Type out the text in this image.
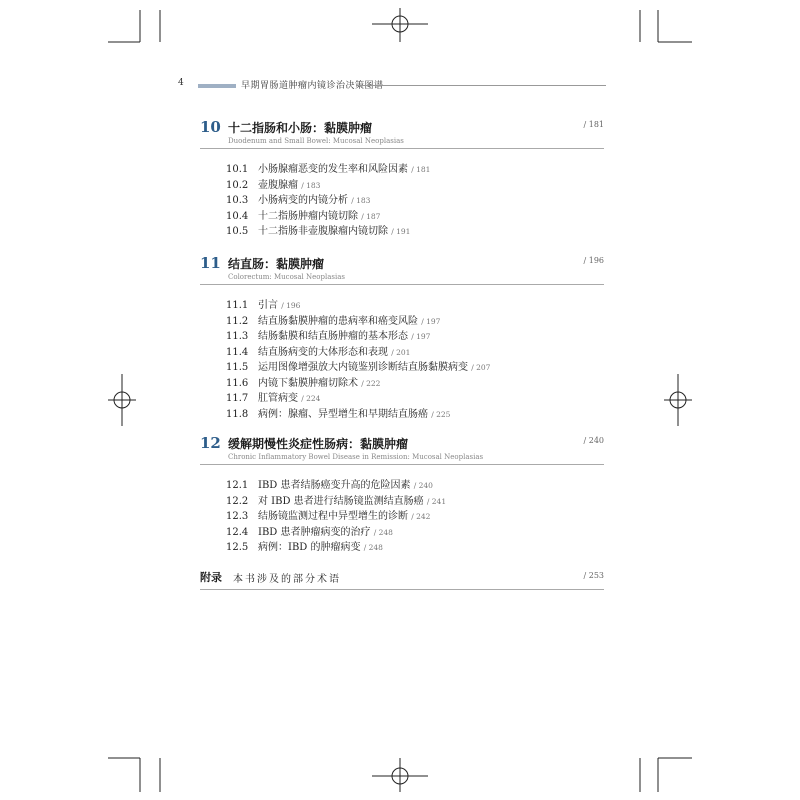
4	早期胃肠道肿瘤内镜诊治决策图谱
10 十二指肠和小肠：黏膜肿瘤
Duodenum and Small Bowel: Mucosal Neoplasias
/ 181
10.1 小肠腺瘤恶变的发生率和风险因素 / 181
10.2 壶腹腺瘤 / 183
10.3 小肠病变的内镜分析 / 183
10.4 十二指肠肿瘤内镜切除 / 187
10.5 十二指肠非壶腹腺瘤内镜切除 / 191
11 结直肠：黏膜肿瘤
Colorectum: Mucosal Neoplasias
/ 196
11.1 引言 / 196
11.2 结直肠黏膜肿瘤的患病率和癌变风险 / 197
11.3 结肠黏膜和结直肠肿瘤的基本形态 / 197
11.4 结直肠病变的大体形态和表现 / 201
11.5 运用图像增强放大内镜鉴别诊断结直肠黏膜病变 / 207
11.6 内镜下黏膜肿瘤切除术 / 222
11.7 肛管病变 / 224
11.8 病例：腺瘤、异型增生和早期结直肠癌 / 225
12 缓解期慢性炎症性肠病：黏膜肿瘤
Chronic Inflammatory Bowel Disease in Remission: Mucosal Neoplasias
/ 240
12.1 IBD 患者结肠癌变升高的危险因素 / 240
12.2 对 IBD 患者进行结肠镜监测结直肠癌 / 241
12.3 结肠镜监测过程中异型增生的诊断 / 242
12.4 IBD 患者肿瘤病变的治疗 / 248
12.5 病例：IBD 的肿瘤病变 / 248
附录 本书涉及的部分术语	/ 253
